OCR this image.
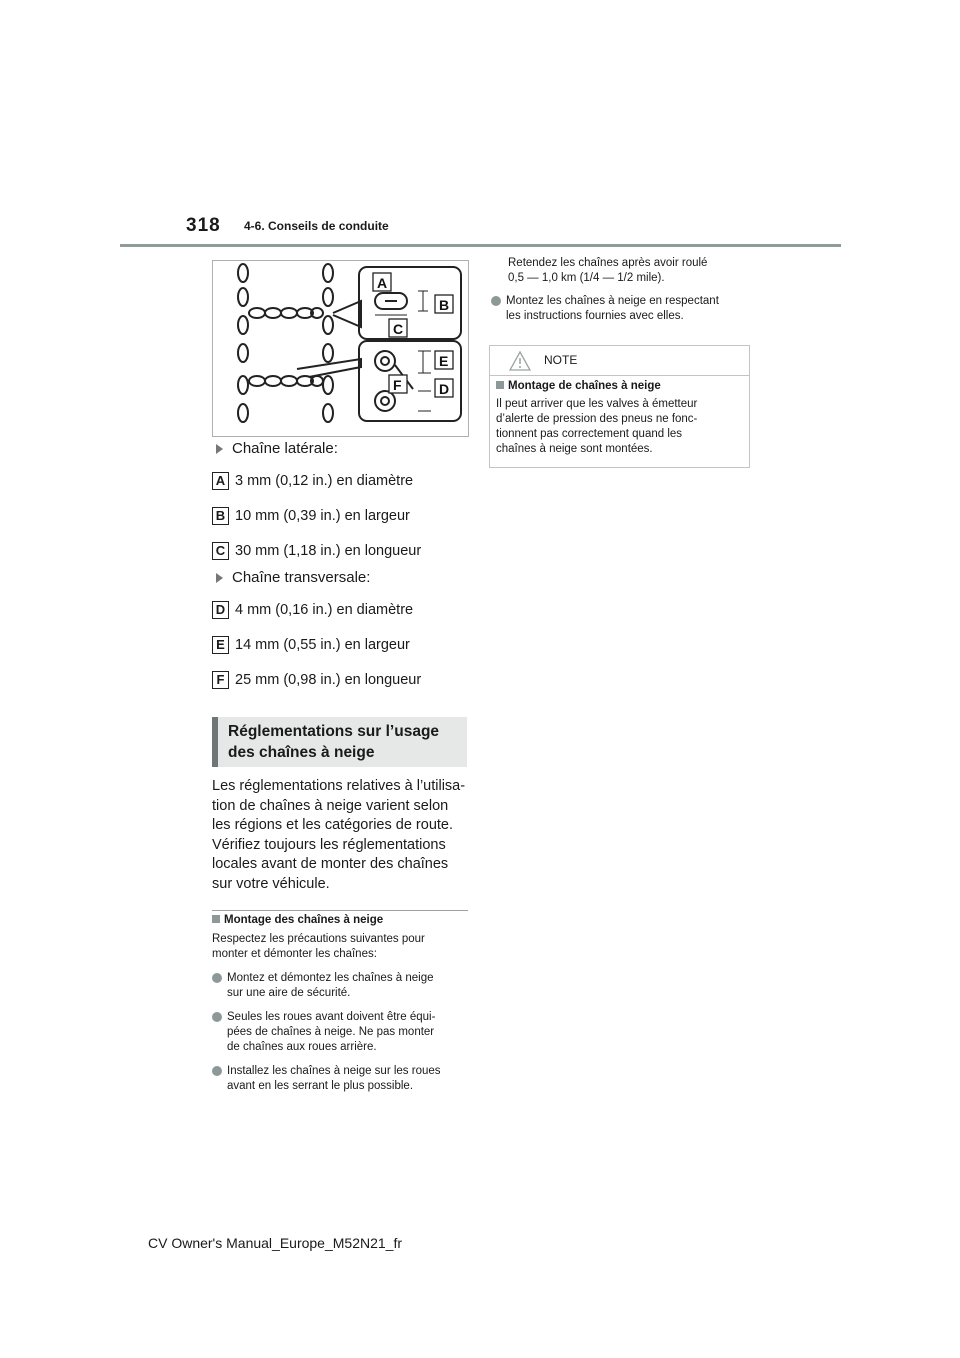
318 4-6. Conseils de conduite
A
B
C
E
F	D
Chaîne latérale:
A 3 mm (0,12 in.) en diamètre
B 10 mm (0,39 in.) en largeur
C 30 mm (1,18 in.) en longueur
Chaîne transversale:
D 4 mm (0,16 in.) en diamètre
E 14 mm (0,55 in.) en largeur
F 25 mm (0,98 in.) en longueur
Réglementations sur l’usage
des chaînes à neige
Les réglementations relatives à l’utilisa-
tion de chaînes à neige varient selon
les régions et les catégories de route.
Vérifiez toujours les réglementations
locales avant de monter des chaînes
sur votre véhicule.
Montage des chaînes à neige
Respectez les précautions suivantes pour
monter et démonter les chaînes:
Montez et démontez les chaînes à neige
sur une aire de sécurité.
Seules les roues avant doivent être équi-
pées de chaînes à neige. Ne pas monter
de chaînes aux roues arrière.
Installez les chaînes à neige sur les roues
avant en les serrant le plus possible.
Retendez les chaînes après avoir roulé
0,5 — 1,0 km (1/4 — 1/2 mile).
Montez les chaînes à neige en respectant
les instructions fournies avec elles.
NOTE
Montage de chaînes à neige
Il peut arriver que les valves à émetteur
d’alerte de pression des pneus ne fonc-
tionnent pas correctement quand les
chaînes à neige sont montées.
CV Owner's Manual_Europe_M52N21_fr
